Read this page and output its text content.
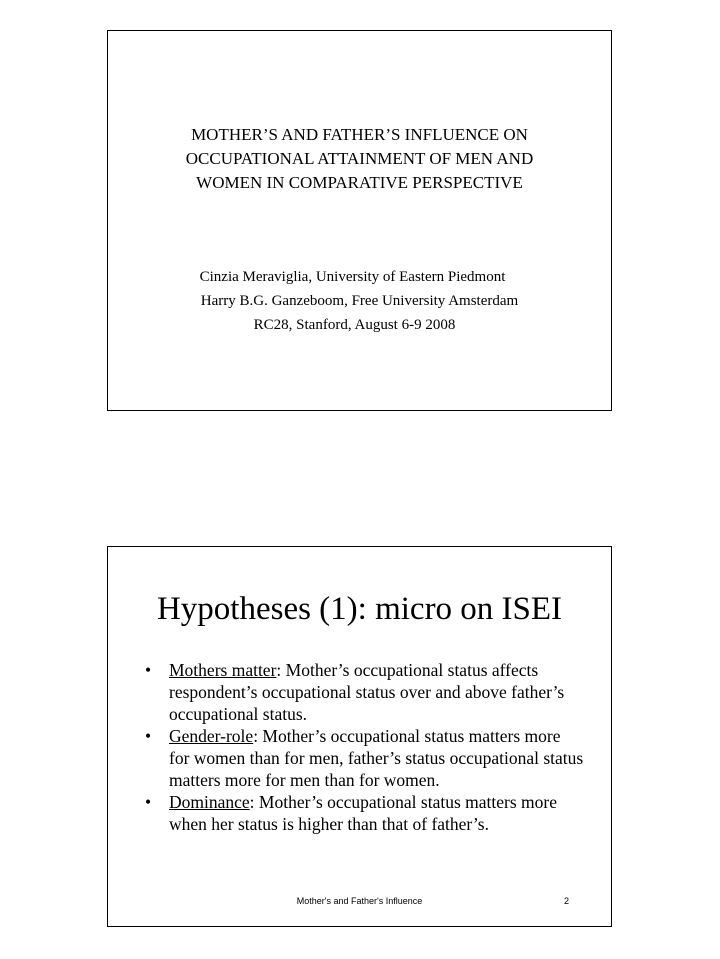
MOTHER’S AND FATHER’S INFLUENCE ON
OCCUPATIONAL ATTAINMENT OF MEN AND
WOMEN IN COMPARATIVE PERSPECTIVE
Cinzia Meraviglia, University of Eastern Piedmont
Harry B.G. Ganzeboom, Free University Amsterdam
RC28, Stanford, August 6-9 2008
Hypotheses (1): micro on ISEI
• Mothers matter: Mother’s occupational status affects respondent’s occupational status over and above father’s occupational status.
• Gender-role: Mother’s occupational status matters more for women than for men, father’s status occupational status matters more for men than for women.
• Dominance: Mother’s occupational status matters more when her status is higher than that of father’s.
Mother's and Father's Influence	2
